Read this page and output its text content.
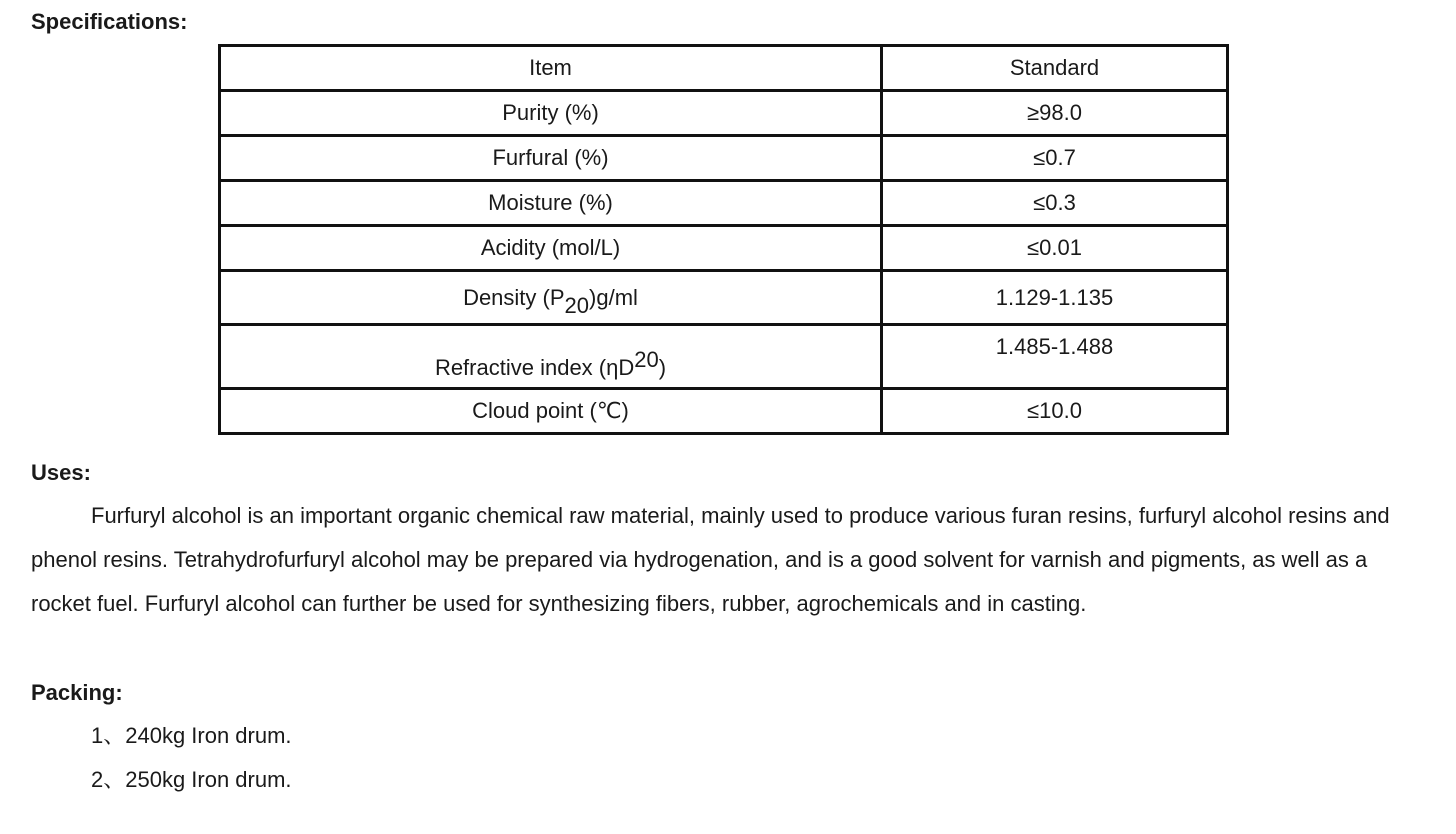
Specifications:

Item	Standard
Purity (%)	≥98.0
Furfural (%)	≤0.7
Moisture (%)	≤0.3
Acidity (mol/L)	≤0.01
Density (P20)g/ml	1.129-1.135
Refractive index (ηD20)	1.485-1.488
Cloud point (℃)	≤10.0

Uses:

Furfuryl alcohol is an important organic chemical raw material, mainly used to produce various furan resins, furfuryl alcohol resins and phenol resins. Tetrahydrofurfuryl alcohol may be prepared via hydrogenation, and is a good solvent for varnish and pigments, as well as a rocket fuel. Furfuryl alcohol can further be used for synthesizing fibers, rubber, agrochemicals and in casting.

Packing:

1、240kg Iron drum.

2、250kg Iron drum.
